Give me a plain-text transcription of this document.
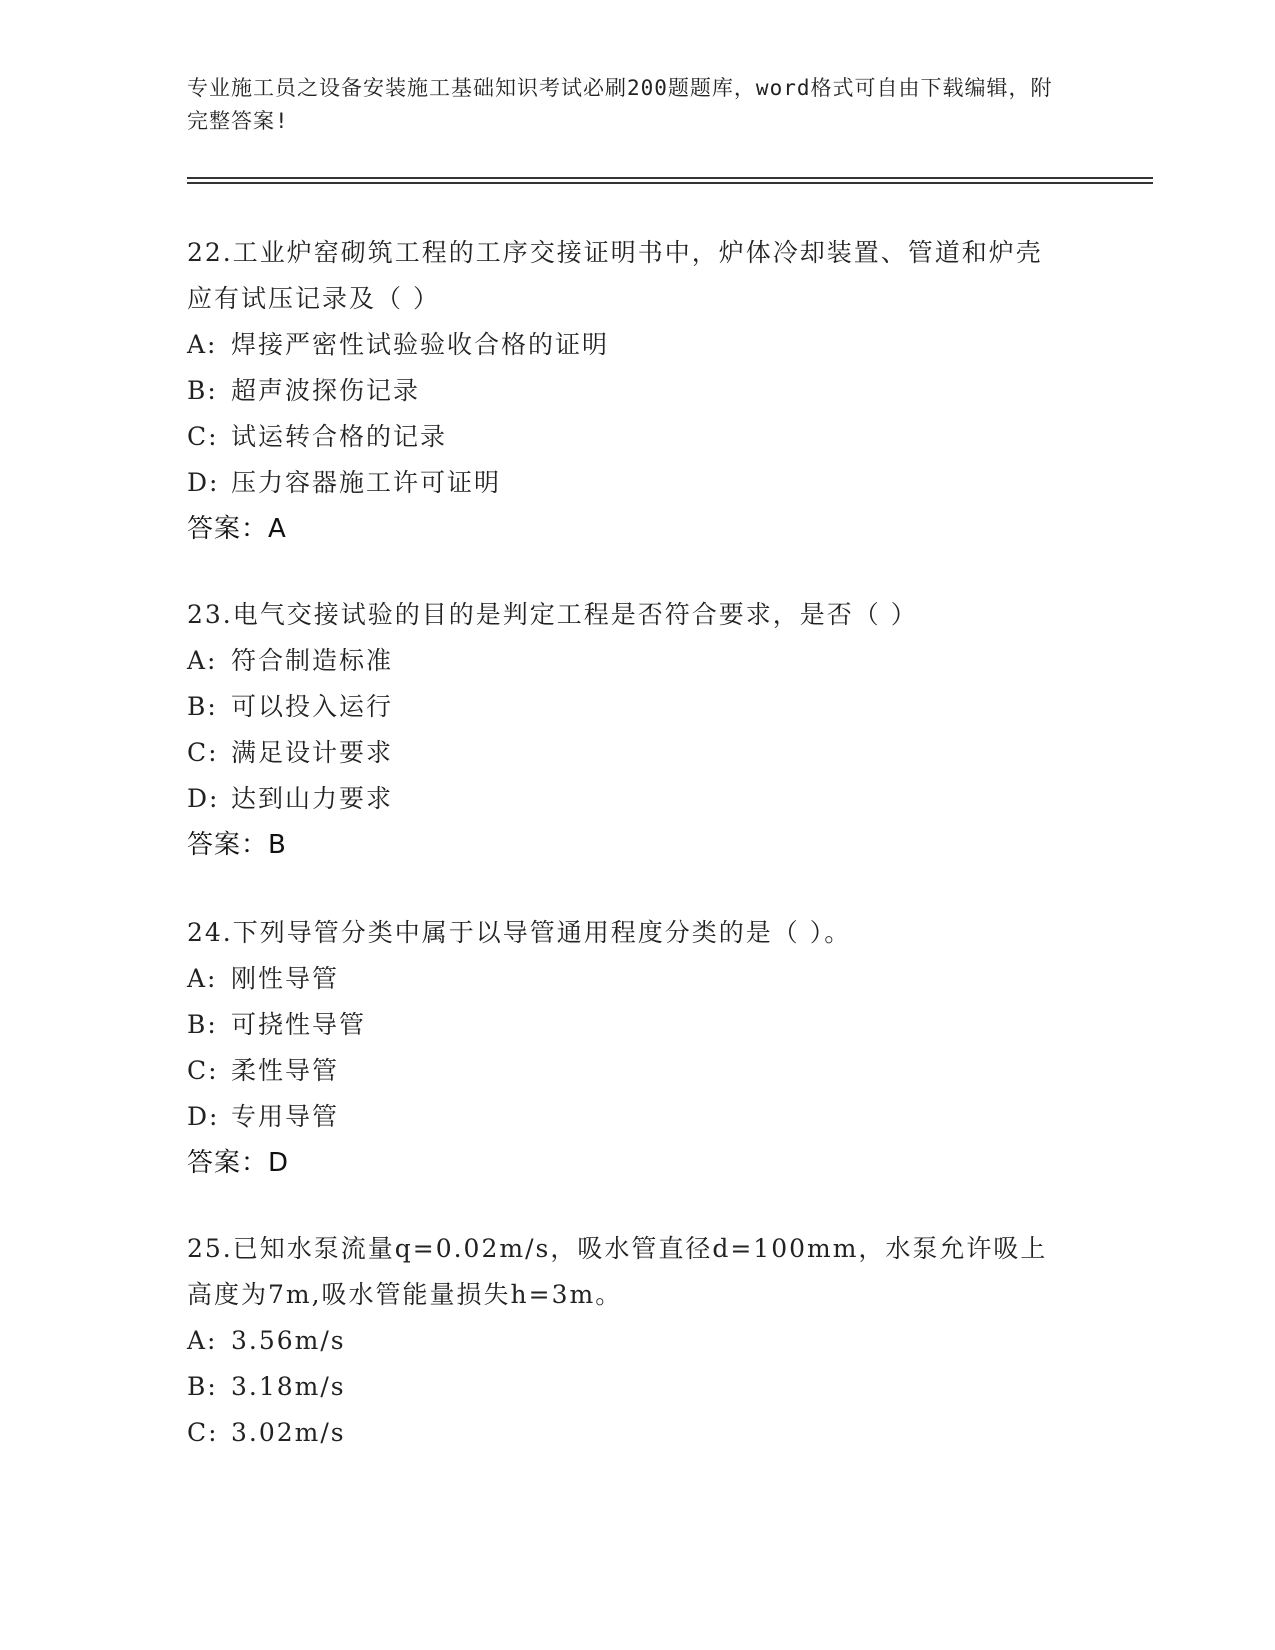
专业施工员之设备安装施工基础知识考试必刷200题题库，word格式可自由下载编辑，附完整答案!
22.工业炉窑砌筑工程的工序交接证明书中，炉体冷却装置、管道和炉壳应有试压记录及（ ）
A: 焊接严密性试验验收合格的证明
B: 超声波探伤记录
C: 试运转合格的记录
D: 压力容器施工许可证明
答案：A
23.电气交接试验的目的是判定工程是否符合要求，是否（ ）
A: 符合制造标准
B: 可以投入运行
C: 满足设计要求
D: 达到山力要求
答案：B
24.下列导管分类中属于以导管通用程度分类的是（ ）。
A: 刚性导管
B: 可挠性导管
C: 柔性导管
D: 专用导管
答案：D
25.已知水泵流量q=0.02m/s，吸水管直径d=100mm，水泵允许吸上高度为7m,吸水管能量损失h=3m。
A: 3.56m/s
B: 3.18m/s
C: 3.02m/s
